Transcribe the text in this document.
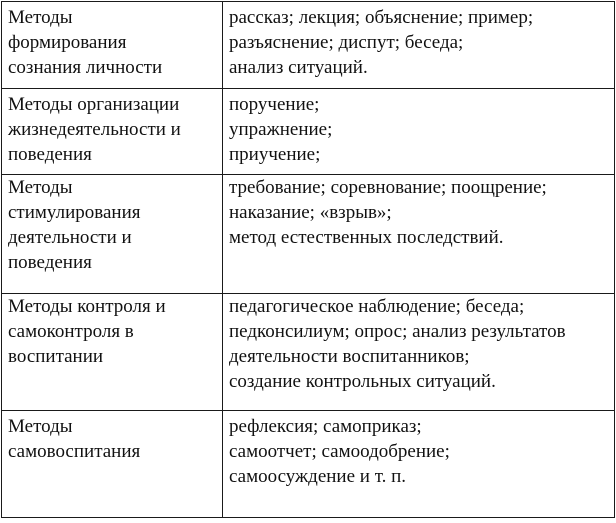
Методы
формирования
сознания личности	рассказ; лекция; объяснение; пример;
разъяснение; диспут; беседа;
анализ ситуаций.

Методы организации
жизнедеятельности и
поведения	поручение;
упражнение;
приучение;

Методы
стимулирования
деятельности и
поведения	требование; соревнование; поощрение;
наказание; «взрыв»;
метод естественных последствий.

Методы контроля и
самоконтроля в
воспитании	педагогическое наблюдение; беседа;
педконсилиум; опрос; анализ результатов
деятельности воспитанников;
создание контрольных ситуаций.

Методы
самовоспитания	рефлексия; самоприказ;
самоотчет; самоодобрение;
самоосуждение и т. п.
